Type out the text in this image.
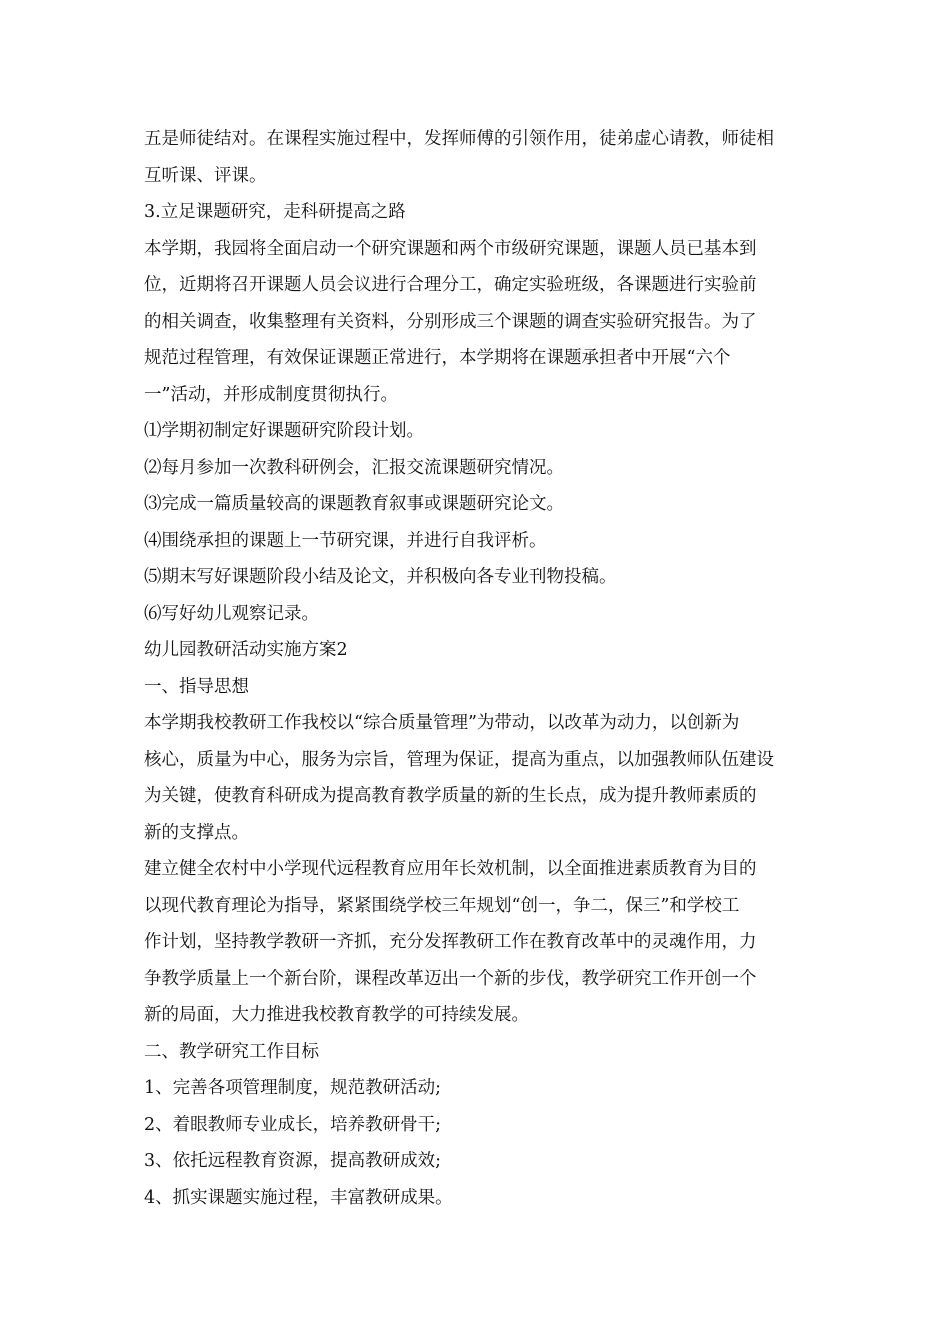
五是师徒结对。在课程实施过程中，发挥师傅的引领作用，徒弟虚心请教，师徒相
互听课、评课。
3.立足课题研究，走科研提高之路
本学期，我园将全面启动一个研究课题和两个市级研究课题，课题人员已基本到
位，近期将召开课题人员会议进行合理分工，确定实验班级，各课题进行实验前
的相关调查，收集整理有关资料，分别形成三个课题的调查实验研究报告。为了
规范过程管理，有效保证课题正常进行，本学期将在课题承担者中开展“六个
一”活动，并形成制度贯彻执行。
⑴学期初制定好课题研究阶段计划。
⑵每月参加一次教科研例会，汇报交流课题研究情况。
⑶完成一篇质量较高的课题教育叙事或课题研究论文。
⑷围绕承担的课题上一节研究课，并进行自我评析。
⑸期末写好课题阶段小结及论文，并积极向各专业刊物投稿。
⑹写好幼儿观察记录。
幼儿园教研活动实施方案2
一、指导思想
本学期我校教研工作我校以“综合质量管理”为带动，以改革为动力，以创新为
核心，质量为中心，服务为宗旨，管理为保证，提高为重点，以加强教师队伍建设
为关键，使教育科研成为提高教育教学质量的新的生长点，成为提升教师素质的
新的支撑点。
建立健全农村中小学现代远程教育应用年长效机制，以全面推进素质教育为目的
以现代教育理论为指导，紧紧围绕学校三年规划“创一，争二，保三”和学校工
作计划，坚持教学教研一齐抓，充分发挥教研工作在教育改革中的灵魂作用，力
争教学质量上一个新台阶，课程改革迈出一个新的步伐，教学研究工作开创一个
新的局面，大力推进我校教育教学的可持续发展。
二、教学研究工作目标
1、完善各项管理制度，规范教研活动;
2、着眼教师专业成长，培养教研骨干;
3、依托远程教育资源，提高教研成效;
4、抓实课题实施过程，丰富教研成果。
